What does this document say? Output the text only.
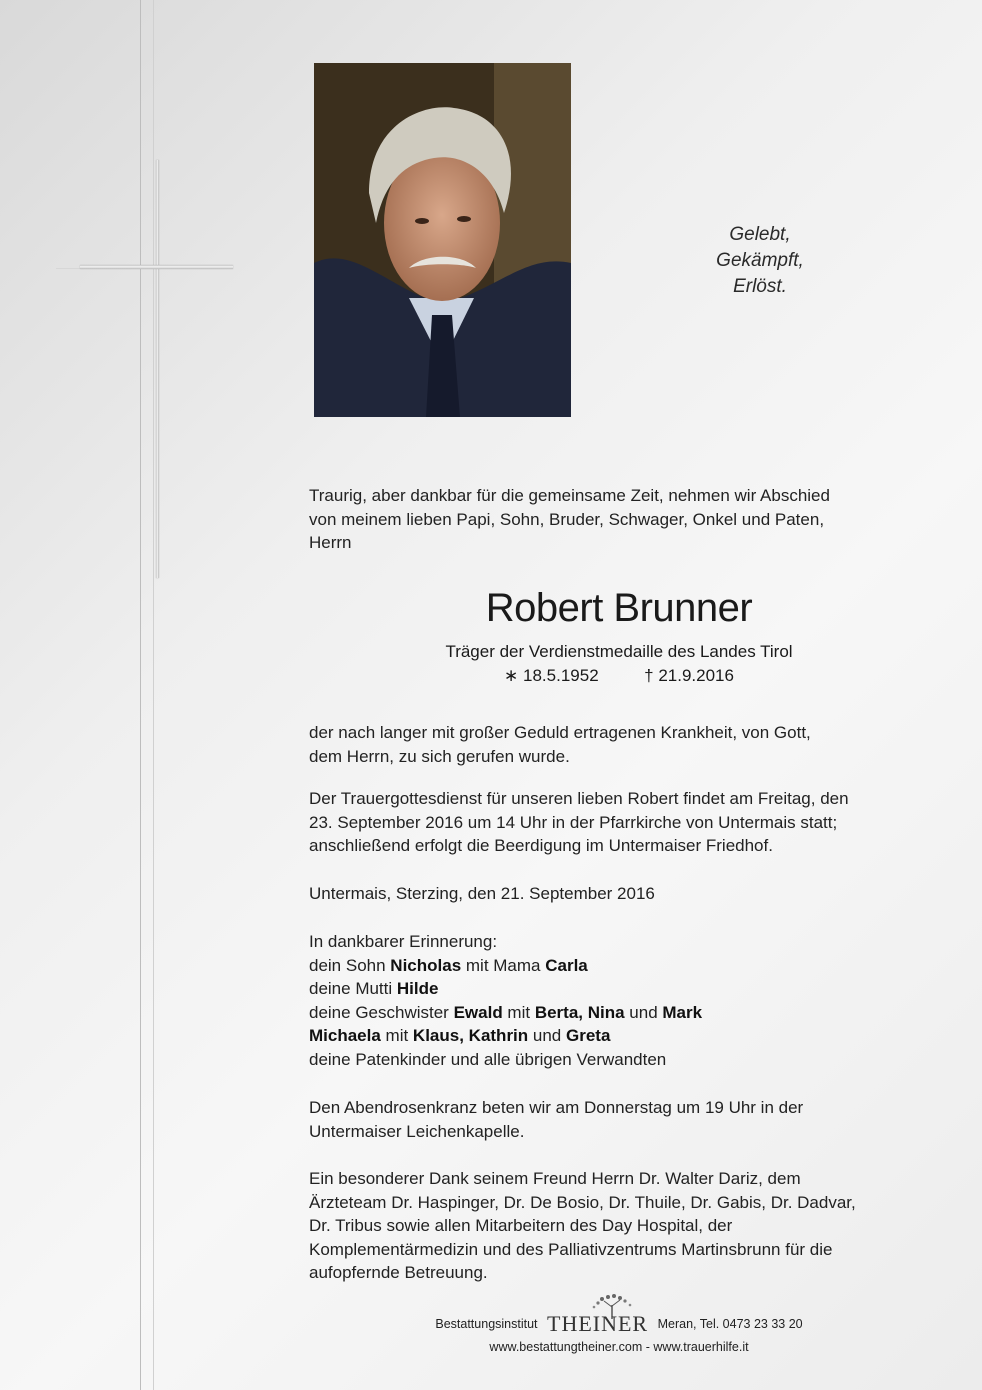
Gelebt,
Gekämpft,
Erlöst.

Traurig, aber dankbar für die gemeinsame Zeit, nehmen wir Abschied

von meinem lieben Papi, Sohn, Bruder, Schwager, Onkel und Paten,

Herrn

Robert Brunner
Träger der Verdienstmedaille des Landes Tirol
∗ 18.5.1952	† 21.9.2016

der nach langer mit großer Geduld ertragenen Krankheit, von Gott,

dem Herrn, zu sich gerufen wurde.

Der Trauergottesdienst für unseren lieben Robert findet am Freitag, den

23. September 2016 um 14 Uhr in der Pfarrkirche von Untermais statt;

anschließend erfolgt die Beerdigung im Untermaiser Friedhof.

Untermais, Sterzing, den 21. September 2016

In dankbarer Erinnerung:

dein Sohn Nicholas mit Mama Carla

deine Mutti Hilde

deine Geschwister Ewald mit Berta, Nina und Mark

Michaela mit Klaus, Kathrin und Greta

deine Patenkinder und alle übrigen Verwandten

Den Abendrosenkranz beten wir am Donnerstag um 19 Uhr in der

Untermaiser Leichenkapelle.

Ein besonderer Dank seinem Freund Herrn Dr. Walter Dariz, dem

Ärzteteam Dr. Haspinger, Dr. De Bosio, Dr. Thuile, Dr. Gabis, Dr. Dadvar,

Dr. Tribus sowie allen Mitarbeitern des Day Hospital, der

Komplementärmedizin und des Palliativzentrums Martinsbrunn für die

aufopfernde Betreuung.

Bestattungsinstitut THEINER Meran, Tel. 0473 23 33 20
www.bestattungtheiner.com - www.trauerhilfe.it
